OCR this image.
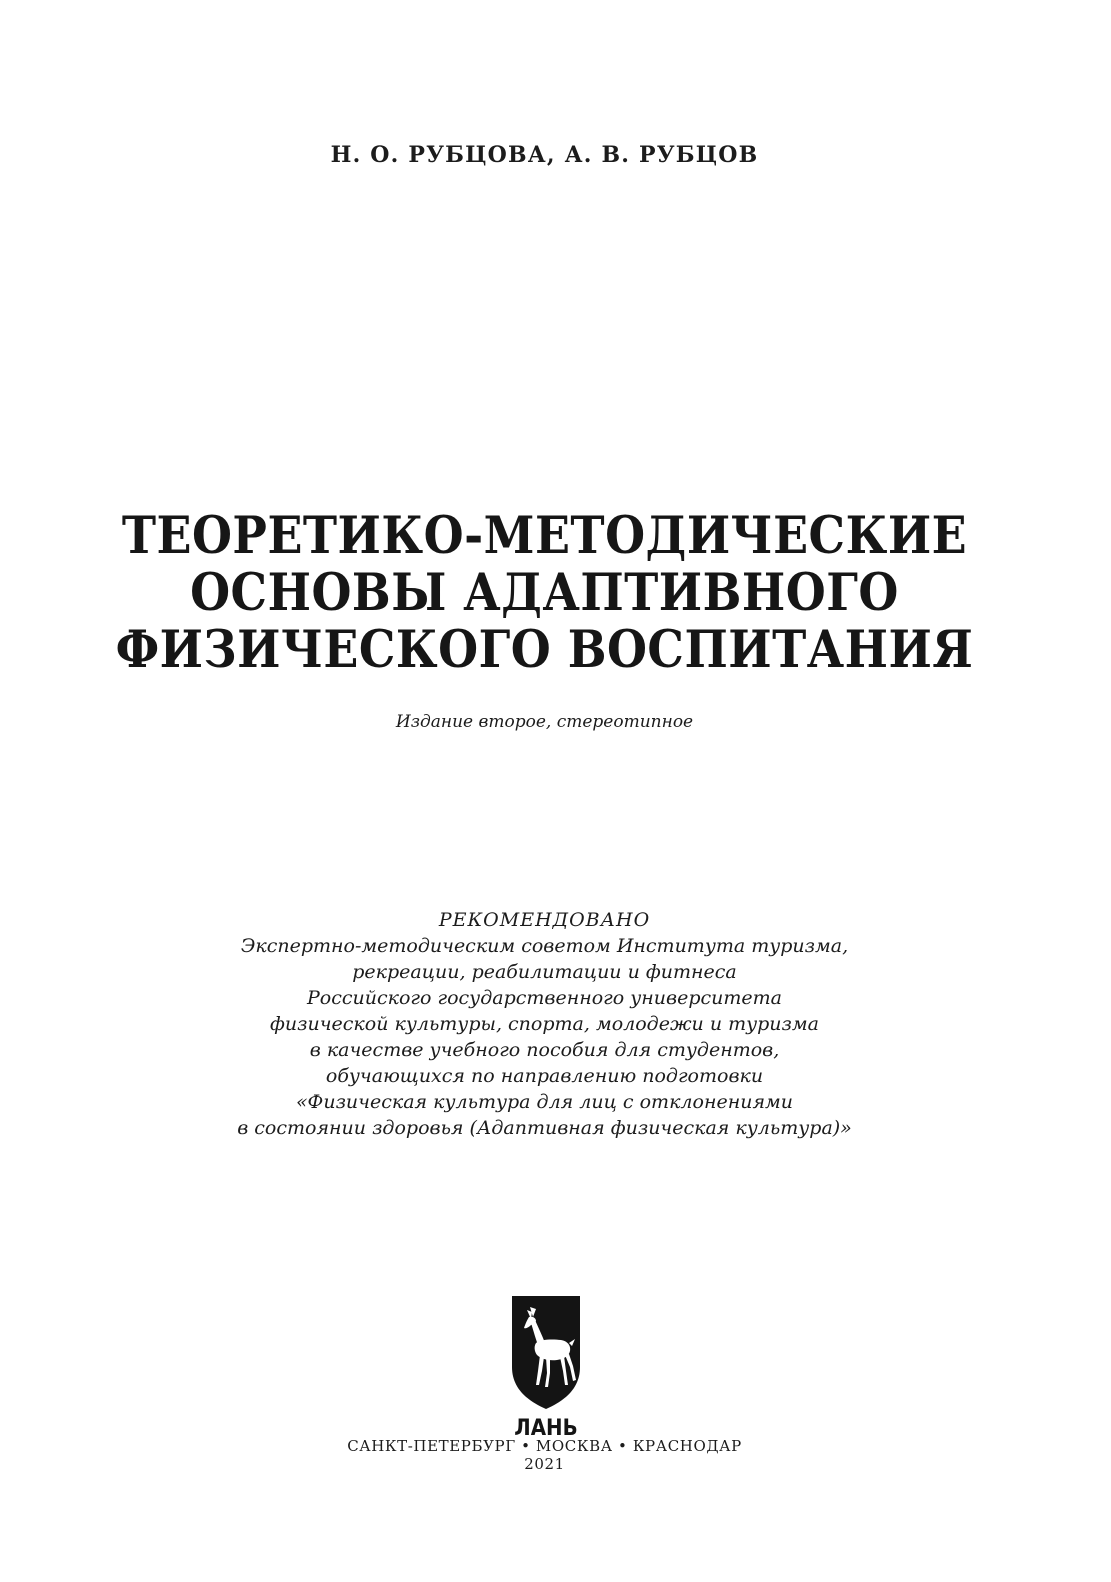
Н. О. РУБЦОВА, А. В. РУБЦОВ
ТЕОРЕТИКО-МЕТОДИЧЕСКИЕ
ОСНОВЫ АДАПТИВНОГО
ФИЗИЧЕСКОГО ВОСПИТАНИЯ
Издание второе, стереотипное
РЕКОМЕНДОВАНО
Экспертно-методическим советом Института туризма,
рекреации, реабилитации и фитнеса
Российского государственного университета
физической культуры, спорта, молодежи и туризма
в качестве учебного пособия для студентов,
обучающихся по направлению подготовки
«Физическая культура для лиц с отклонениями
в состоянии здоровья (Адаптивная физическая культура)»
ЛАНЬ
САНКТ-ПЕТЕРБУРГ • МОСКВА • КРАСНОДАР
2021
